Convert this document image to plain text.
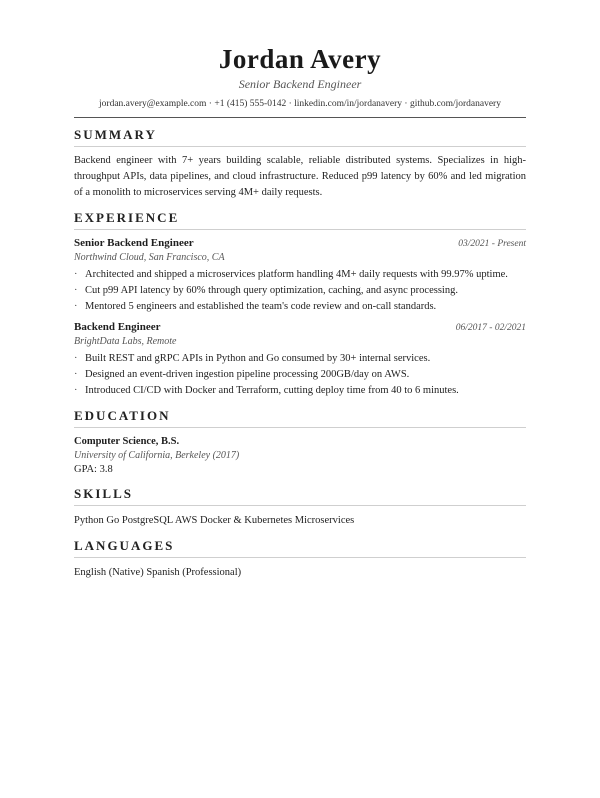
Jordan Avery
Senior Backend Engineer
jordan.avery@example.com · +1 (415) 555-0142 · linkedin.com/in/jordanavery · github.com/jordanavery
SUMMARY
Backend engineer with 7+ years building scalable, reliable distributed systems. Specializes in high-throughput APIs, data pipelines, and cloud infrastructure. Reduced p99 latency by 60% and led migration of a monolith to microservices serving 4M+ daily requests.
EXPERIENCE
Senior Backend Engineer	03/2021 - Present
Northwind Cloud, San Francisco, CA
· Architected and shipped a microservices platform handling 4M+ daily requests with 99.97% uptime.
· Cut p99 API latency by 60% through query optimization, caching, and async processing.
· Mentored 5 engineers and established the team's code review and on-call standards.
Backend Engineer	06/2017 - 02/2021
BrightData Labs, Remote
· Built REST and gRPC APIs in Python and Go consumed by 30+ internal services.
· Designed an event-driven ingestion pipeline processing 200GB/day on AWS.
· Introduced CI/CD with Docker and Terraform, cutting deploy time from 40 to 6 minutes.
EDUCATION
Computer Science, B.S.
University of California, Berkeley (2017)
GPA: 3.8
SKILLS
Python Go PostgreSQL AWS Docker & Kubernetes Microservices
LANGUAGES
English (Native) Spanish (Professional)
